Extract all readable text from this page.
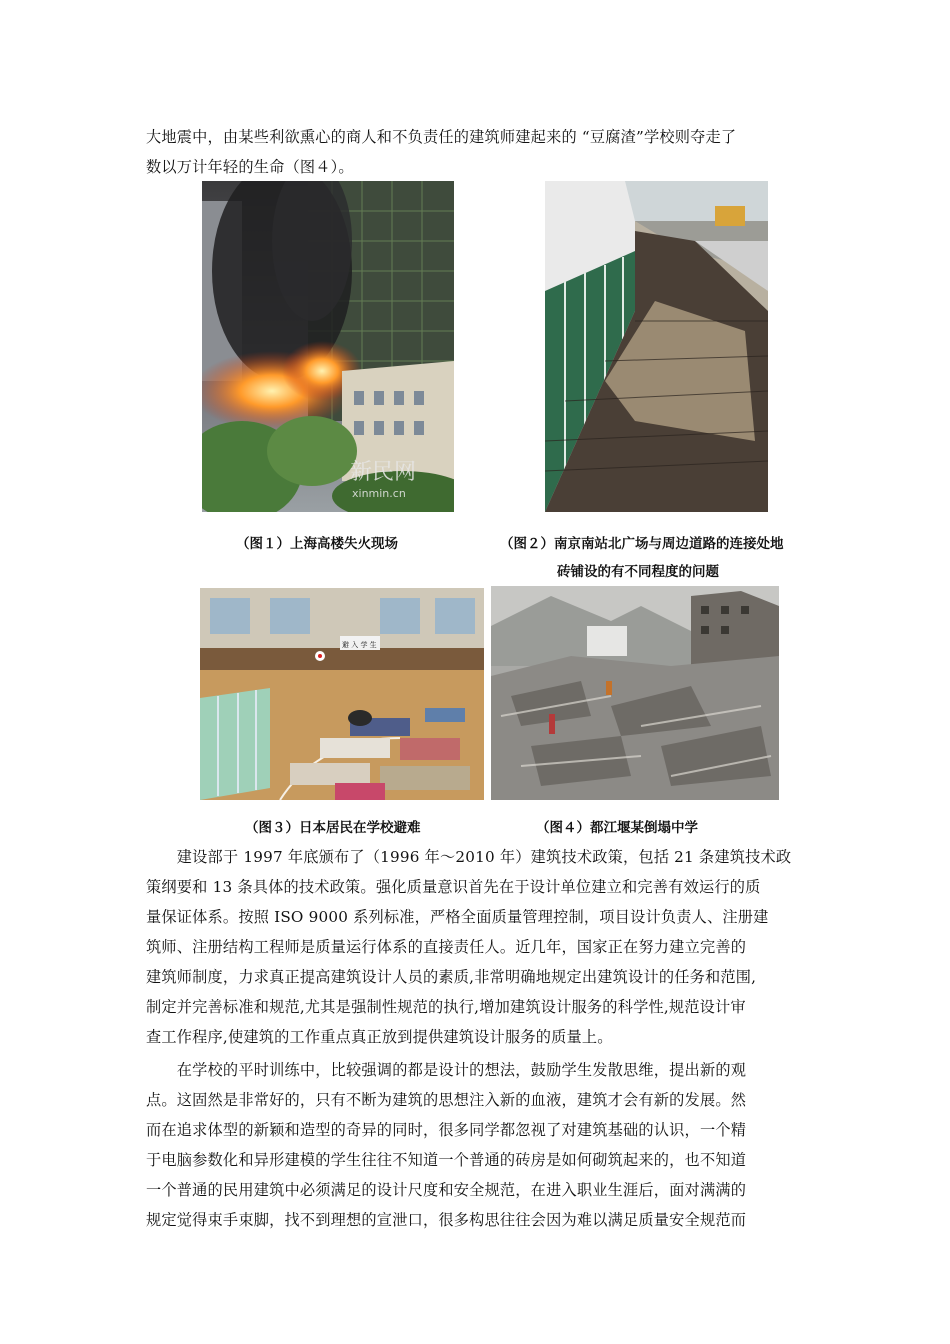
大地震中，由某些利欲熏心的商人和不负责任的建筑师建起来的 “豆腐渣”学校则夺走了
数以万计年轻的生命（图４）。
新民网
xinmin.cn
（图１）上海高楼失火现场	（图２）南京南站北广场与周边道路的连接处地
砖铺设的有不同程度的问题
避 入 学 生
（图３）日本居民在学校避难	（图４）都江堰某倒塌中学
　　建设部于 1997 年底颁布了（1996 年～2010 年）建筑技术政策，包括 21 条建筑技术政
策纲要和 13 条具体的技术政策。强化质量意识首先在于设计单位建立和完善有效运行的质
量保证体系。按照 ISO 9000 系列标准，严格全面质量管理控制，项目设计负责人、注册建
筑师、注册结构工程师是质量运行体系的直接责任人。近几年，国家正在努力建立完善的
建筑师制度，力求真正提高建筑设计人员的素质,非常明确地规定出建筑设计的任务和范围,
制定并完善标准和规范,尤其是强制性规范的执行,增加建筑设计服务的科学性,规范设计审
查工作程序,使建筑的工作重点真正放到提供建筑设计服务的质量上。
　　在学校的平时训练中，比较强调的都是设计的想法，鼓励学生发散思维，提出新的观
点。这固然是非常好的，只有不断为建筑的思想注入新的血液，建筑才会有新的发展。然
而在追求体型的新颖和造型的奇异的同时，很多同学都忽视了对建筑基础的认识，一个精
于电脑参数化和异形建模的学生往往不知道一个普通的砖房是如何砌筑起来的，也不知道
一个普通的民用建筑中必须满足的设计尺度和安全规范，在进入职业生涯后，面对满满的
规定觉得束手束脚，找不到理想的宣泄口，很多构思往往会因为难以满足质量安全规范而
